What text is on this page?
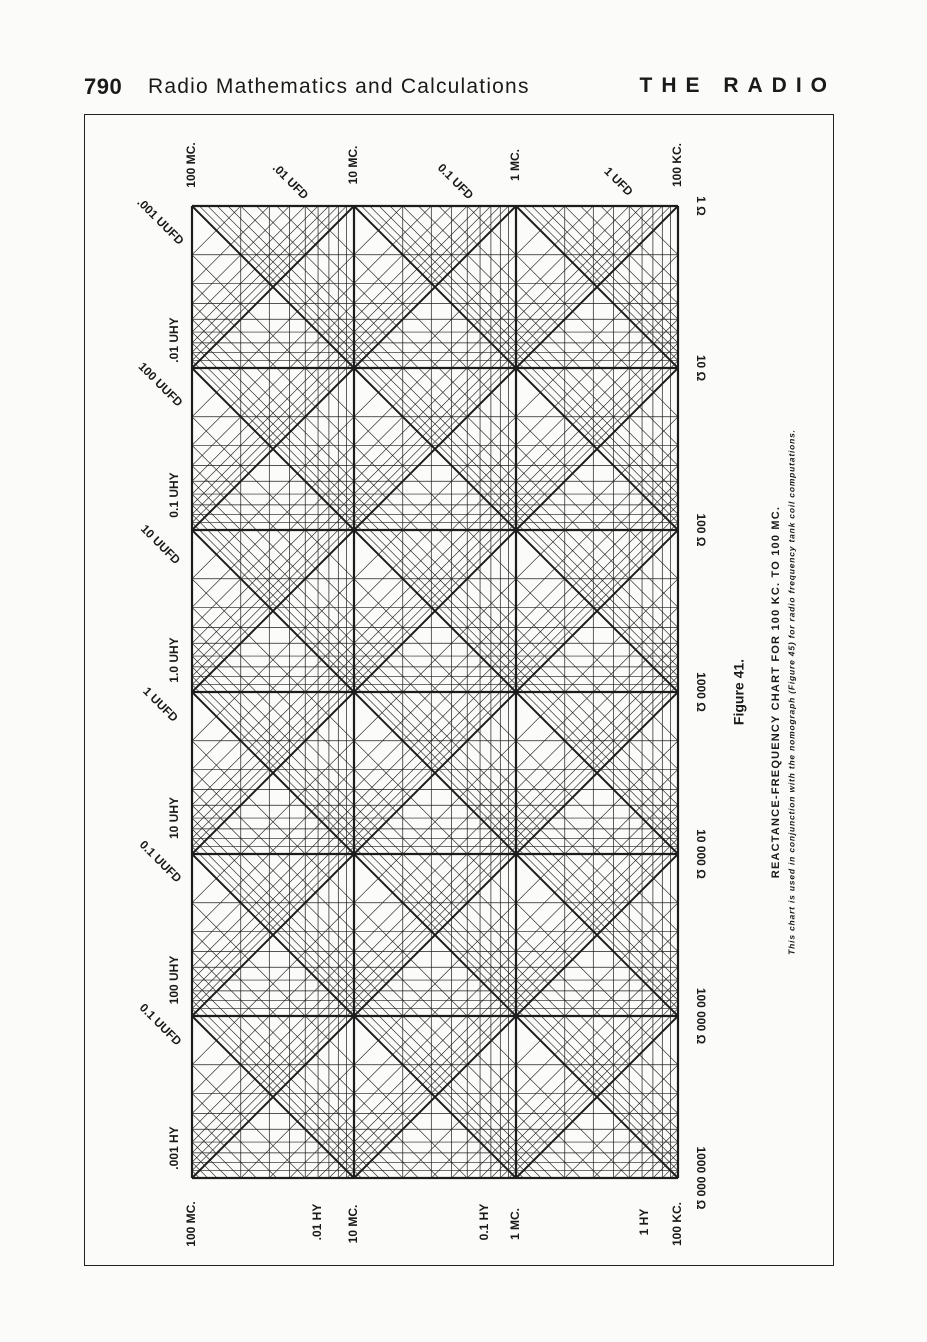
790 Radio Mathematics and Calculations	THE RADIO
1 Ω
10 Ω
100 Ω
1000 Ω
10 000 Ω
100 000 Ω
1000 000 Ω
100 MC.	10 MC.	1 MC.	100 KC.
100 MC.	10 MC.	1 MC.	100 KC.
.01 HY	0.1 HY	1 HY
.001 HY
100 UHY
10 UHY
1.0 UHY
0.1 UHY
.01 UHY
.001 UUFD
100 UUFD
10 UUFD
1 UUFD
0.1 UUFD
0.1 UUFD
.01 UFD	0.1 UFD	1 UFD
Figure 41. REACTANCE-FREQUENCY CHART FOR 100 KC. TO 100 MC. This chart is used in conjunction with the nomograph (Figure 45) for radio frequency tank coil computations.
